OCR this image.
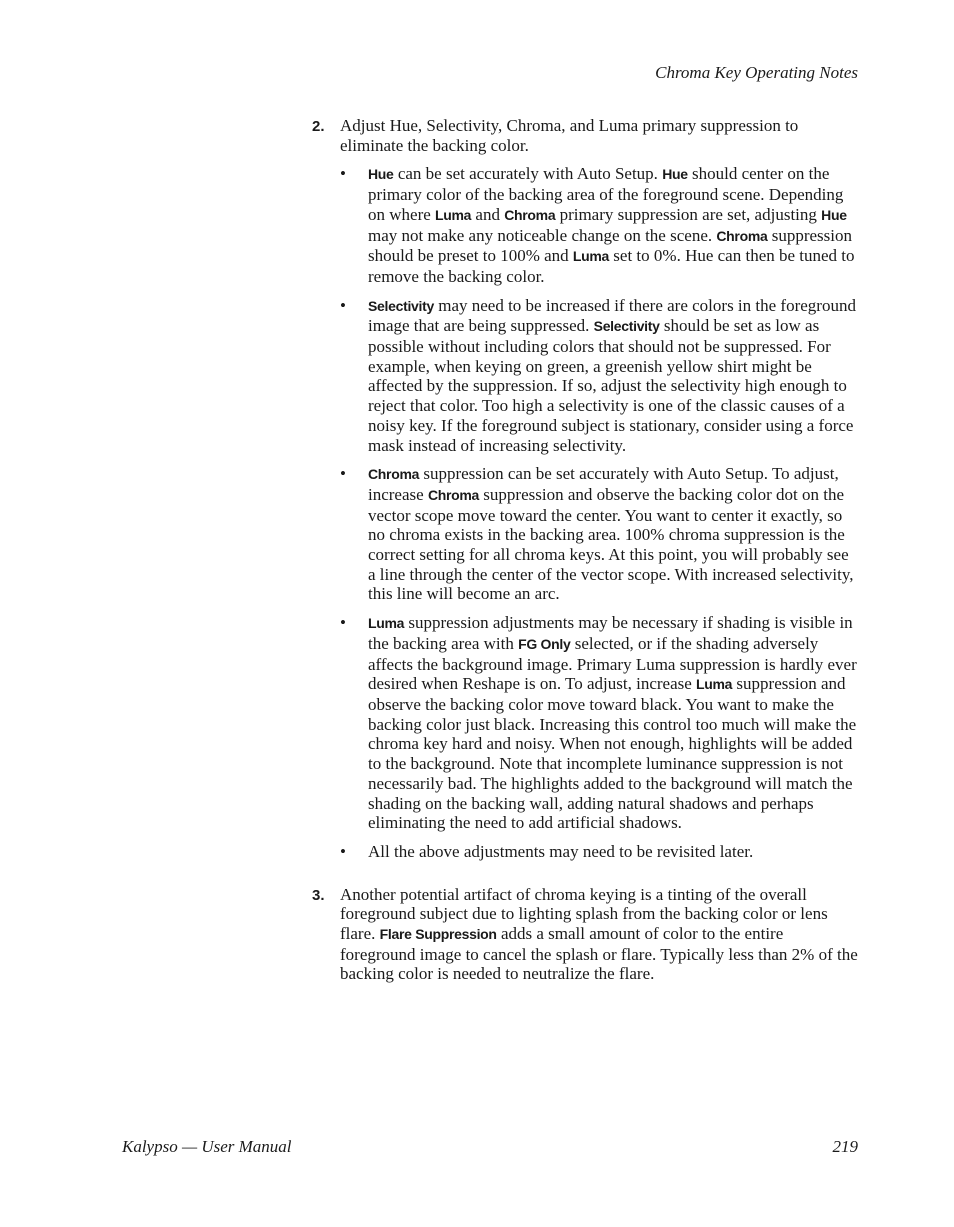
Chroma Key Operating Notes
2. Adjust Hue, Selectivity, Chroma, and Luma primary suppression to eliminate the backing color.

•	Hue can be set accurately with Auto Setup. Hue should center on the primary color of the backing area of the foreground scene. Depending on where Luma and Chroma primary suppression are set, adjusting Hue may not make any noticeable change on the scene. Chroma suppression should be preset to 100% and Luma set to 0%. Hue can then be tuned to remove the backing color.
•	Selectivity may need to be increased if there are colors in the foreground image that are being suppressed. Selectivity should be set as low as possible without including colors that should not be suppressed. For example, when keying on green, a greenish yellow shirt might be affected by the suppression. If so, adjust the selectivity high enough to reject that color. Too high a selectivity is one of the classic causes of a noisy key. If the foreground subject is stationary, consider using a force mask instead of increasing selectivity.
•	Chroma suppression can be set accurately with Auto Setup. To adjust, increase Chroma suppression and observe the backing color dot on the vector scope move toward the center. You want to center it exactly, so no chroma exists in the backing area. 100% chroma suppression is the correct setting for all chroma keys. At this point, you will probably see a line through the center of the vector scope. With increased selectivity, this line will become an arc.
•	Luma suppression adjustments may be necessary if shading is visible in the backing area with FG Only selected, or if the shading adversely affects the background image. Primary Luma suppression is hardly ever desired when Reshape is on. To adjust, increase Luma suppression and observe the backing color move toward black. You want to make the backing color just black. Increasing this control too much will make the chroma key hard and noisy. When not enough, highlights will be added to the background. Note that incomplete luminance suppression is not necessarily bad. The highlights added to the background will match the shading on the backing wall, adding natural shadows and perhaps eliminating the need to add artificial shadows.
•	All the above adjustments may need to be revisited later.
3. Another potential artifact of chroma keying is a tinting of the overall foreground subject due to lighting splash from the backing color or lens flare. Flare Suppression adds a small amount of color to the entire foreground image to cancel the splash or flare. Typically less than 2% of the backing color is needed to neutralize the flare.

Kalypso — User Manual	219
